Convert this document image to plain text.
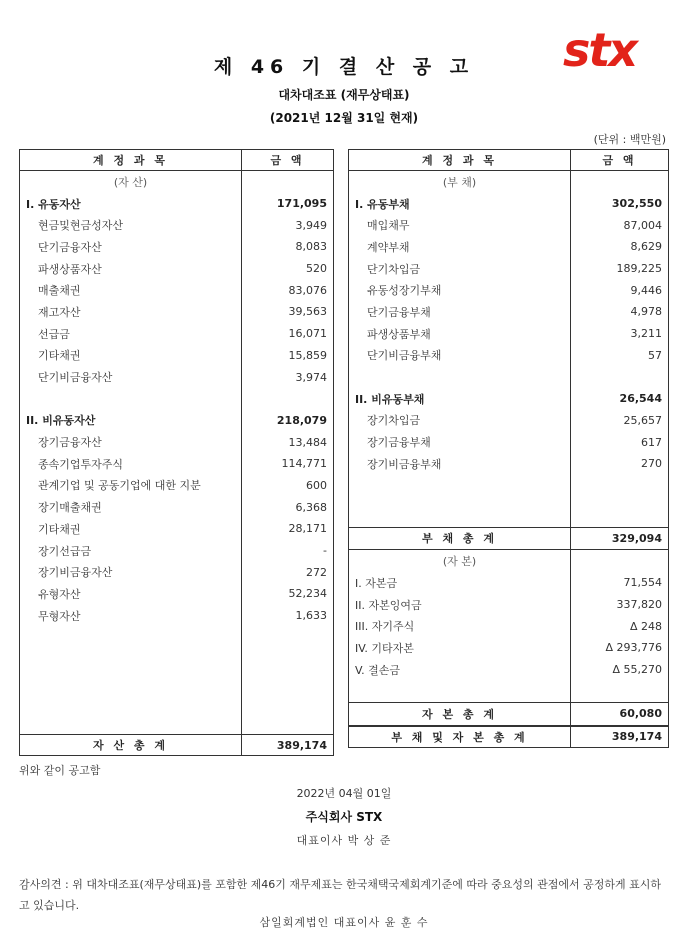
stx
제 46 기 결 산 공 고
대차대조표 (재무상태표)
(2021년 12월 31일 현재)
(단위 : 백만원)
계 정 과 목	금 액
(자 산)	
I. 유동자산	171,095
현금및현금성자산	3,949
단기금융자산	8,083
파생상품자산	520
매출채권	83,076
재고자산	39,563
선급금	16,071
기타채권	15,859
단기비금융자산	3,974

II. 비유동자산	218,079
장기금융자산	13,484
종속기업투자주식	114,771
관계기업 및 공동기업에 대한 지분	600
장기매출채권	6,368
기타채권	28,171
장기선급금	-
장기비금융자산	272
유형자산	52,234
무형자산	1,633

자 산 총 계	389,174
계 정 과 목	금 액
(부 채)	
I. 유동부채	302,550
매입채무	87,004
계약부채	8,629
단기차입금	189,225
유동성장기부채	9,446
단기금융부채	4,978
파생상품부채	3,211
단기비금융부채	57

II. 비유동부채	26,544
장기차입금	25,657
장기금융부채	617
장기비금융부채	270

부 채 총 계	329,094
(자 본)	
I. 자본금	71,554
II. 자본잉여금	337,820
III. 자기주식	Δ 248
IV. 기타자본	Δ 293,776
V. 결손금	Δ 55,270

자 본 총 계	60,080
부 채 및 자 본 총 계	389,174
위와 같이 공고함
2022년 04월 01일
주식회사 STX
대표이사 박 상 준
감사의견 : 위 대차대조표(재무상태표)를 포함한 제46기 재무제표는 한국채택국제회계기준에 따라 중요성의 관점에서 공정하게 표시하고 있습니다.
삼일회계법인 대표이사 윤 훈 수
